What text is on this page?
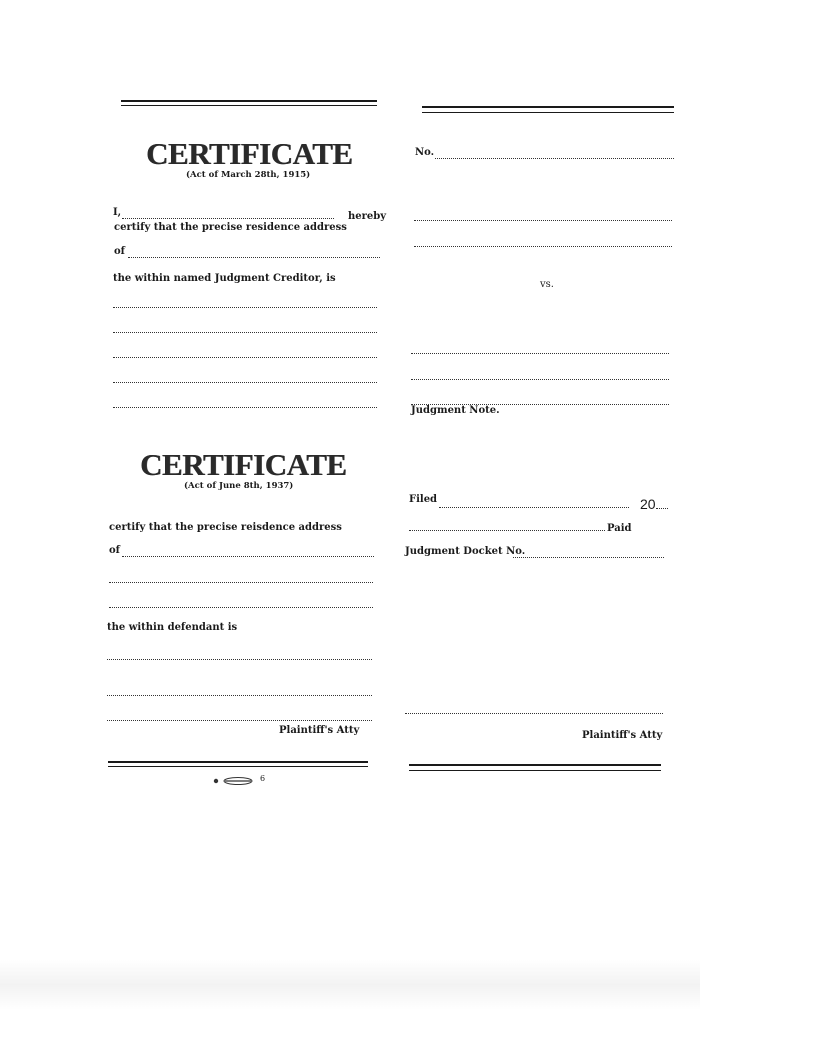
CERTIFICATE
(Act of March 28th, 1915)
I,	hereby
certify that the precise residence address
of
the within named Judgment Creditor, is
CERTIFICATE
(Act of June 8th, 1937)
certify that the precise reisdence address
of
the within defendant is
Plaintiff's Atty
6
No.
vs.
Judgment Note.
Filed	20
Paid
Judgment Docket No.
Plaintiff's Atty
